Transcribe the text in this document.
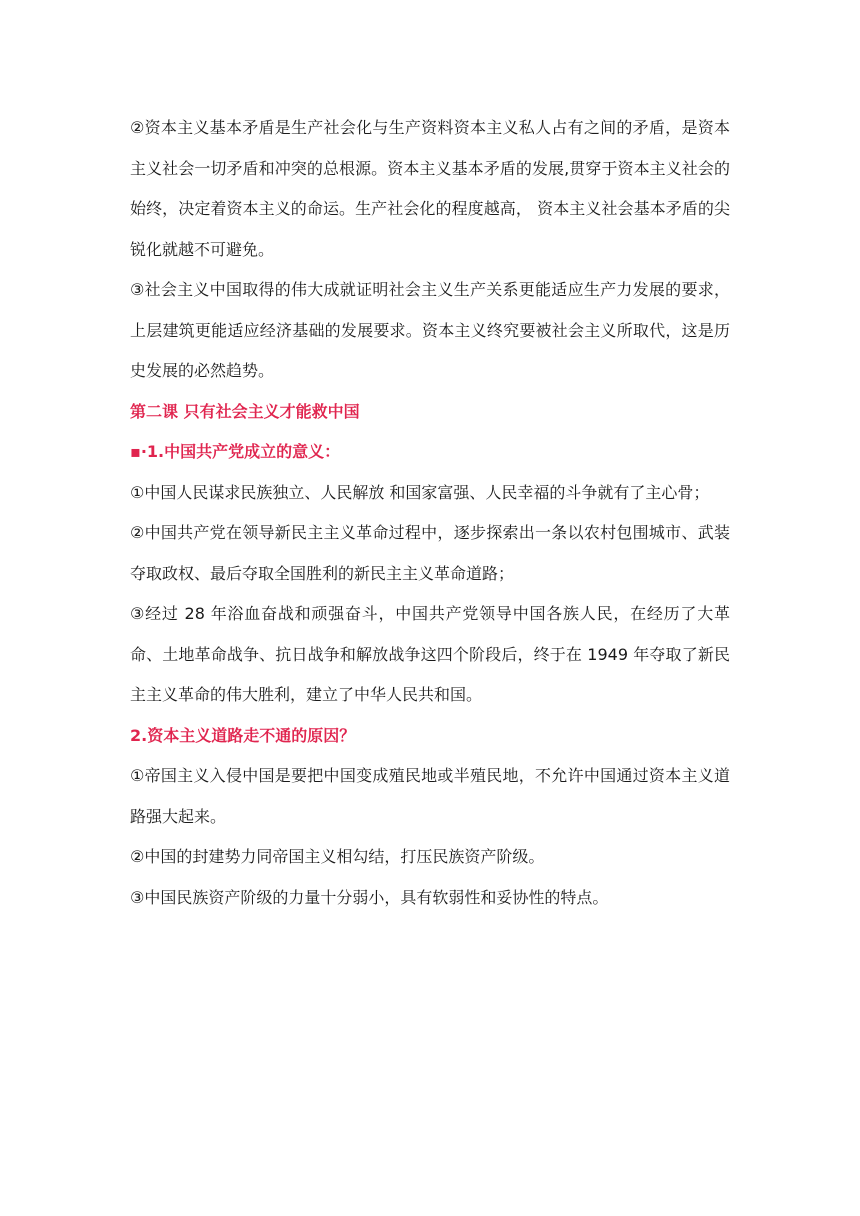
②资本主义基本矛盾是生产社会化与生产资料资本主义私人占有之间的矛盾，是资本主义社会一切矛盾和冲突的总根源。资本主义基本矛盾的发展,贯穿于资本主义社会的始终，决定着资本主义的命运。生产社会化的程度越高， 资本主义社会基本矛盾的尖锐化就越不可避免。

③社会主义中国取得的伟大成就证明社会主义生产关系更能适应生产力发展的要求，上层建筑更能适应经济基础的发展要求。资本主义终究要被社会主义所取代，这是历史发展的必然趋势。

第二课 只有社会主义才能救中国

▪·1.中国共产党成立的意义：

①中国人民谋求民族独立、人民解放 和国家富强、人民幸福的斗争就有了主心骨；

②中国共产党在领导新民主主义革命过程中，逐步探索出一条以农村包围城市、武装夺取政权、最后夺取全国胜利的新民主主义革命道路；

③经过 28 年浴血奋战和顽强奋斗，中国共产党领导中国各族人民，在经历了大革命、土地革命战争、抗日战争和解放战争这四个阶段后，终于在 1949 年夺取了新民主主义革命的伟大胜利，建立了中华人民共和国。

2.资本主义道路走不通的原因？

①帝国主义入侵中国是要把中国变成殖民地或半殖民地，不允许中国通过资本主义道路强大起来。

②中国的封建势力同帝国主义相勾结，打压民族资产阶级。

③中国民族资产阶级的力量十分弱小，具有软弱性和妥协性的特点。
